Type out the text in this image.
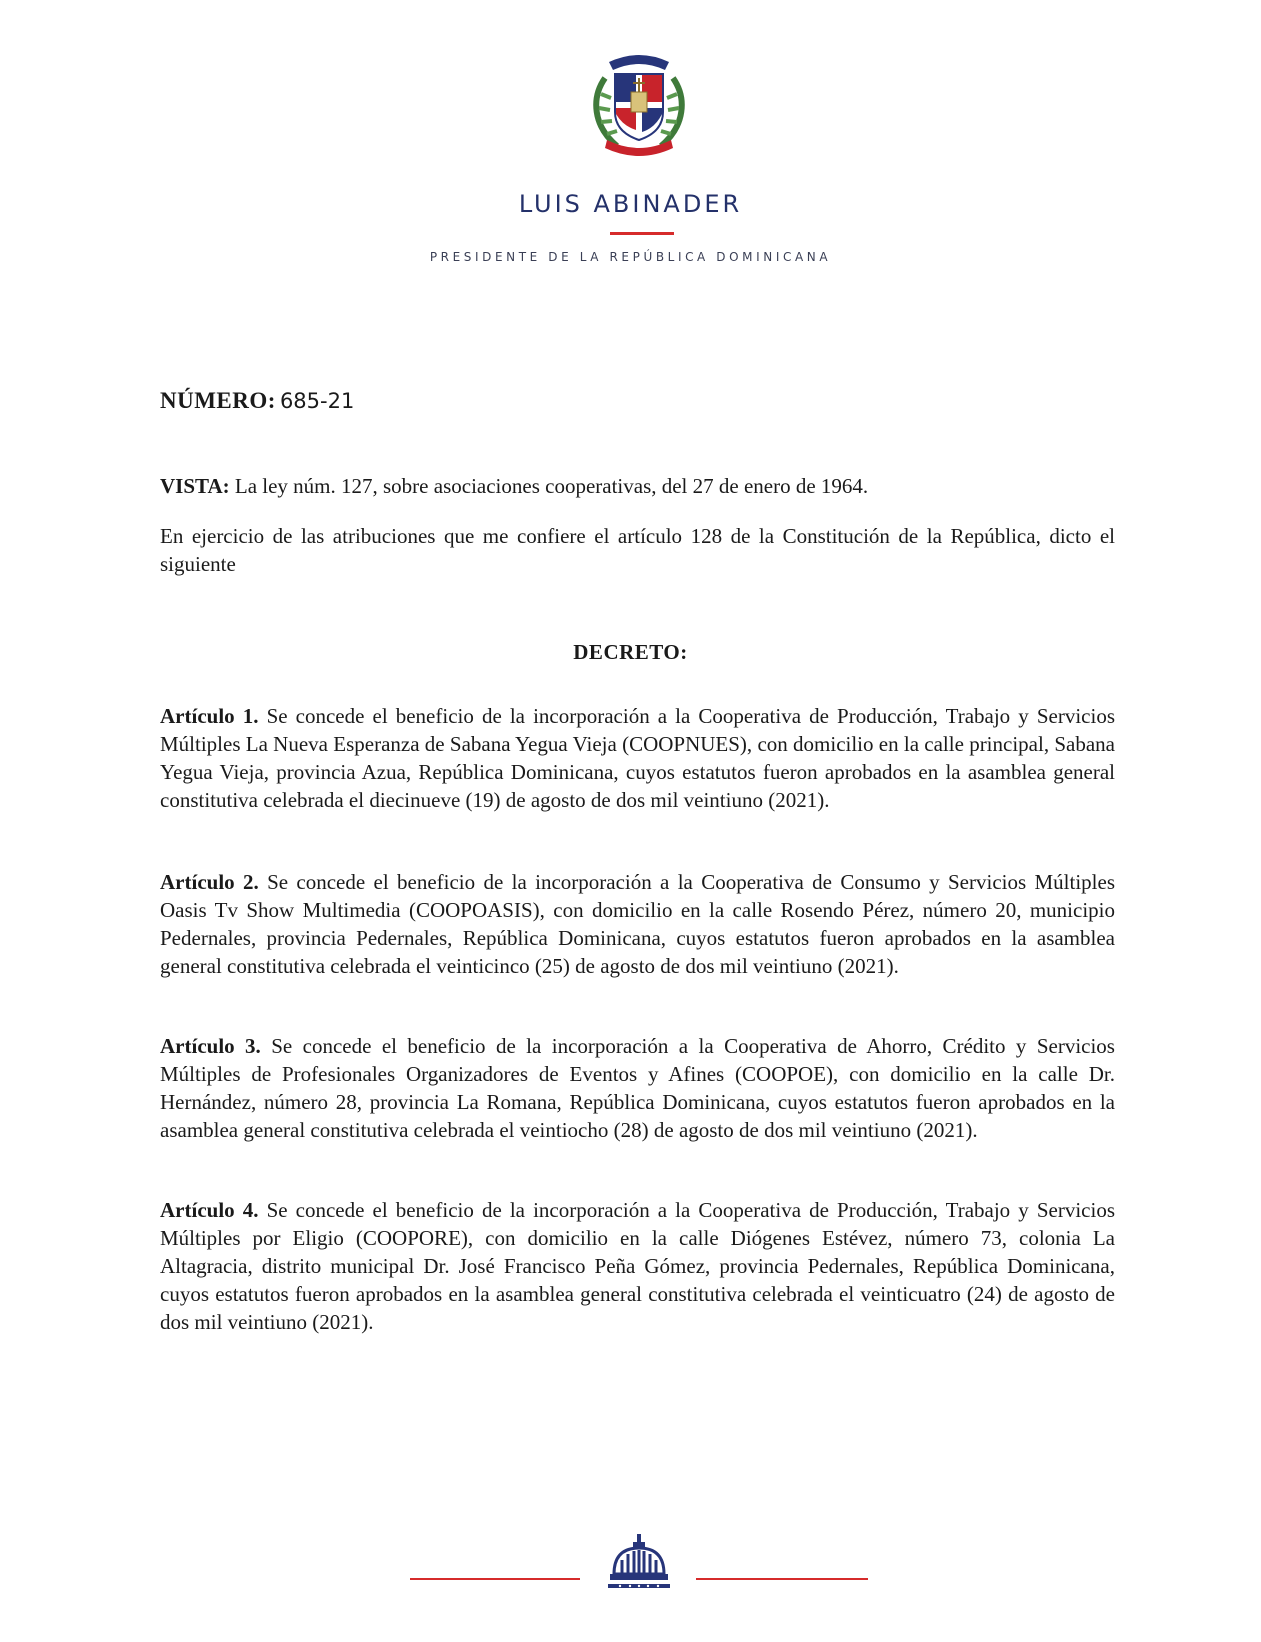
LUIS ABINADER
PRESIDENTE DE LA REPÚBLICA DOMINICANA
NÚMERO: 685-21
VISTA: La ley núm. 127, sobre asociaciones cooperativas, del 27 de enero de 1964.
En ejercicio de las atribuciones que me confiere el artículo 128 de la Constitución de la República, dicto el siguiente
DECRETO:
Artículo 1. Se concede el beneficio de la incorporación a la Cooperativa de Producción, Trabajo y Servicios Múltiples La Nueva Esperanza de Sabana Yegua Vieja (COOPNUES), con domicilio en la calle principal, Sabana Yegua Vieja, provincia Azua, República Dominicana, cuyos estatutos fueron aprobados en la asamblea general constitutiva celebrada el diecinueve (19) de agosto de dos mil veintiuno (2021).
Artículo 2. Se concede el beneficio de la incorporación a la Cooperativa de Consumo y Servicios Múltiples Oasis Tv Show Multimedia (COOPOASIS), con domicilio en la calle Rosendo Pérez, número 20, municipio Pedernales, provincia Pedernales, República Dominicana, cuyos estatutos fueron aprobados en la asamblea general constitutiva celebrada el veinticinco (25) de agosto de dos mil veintiuno (2021).
Artículo 3. Se concede el beneficio de la incorporación a la Cooperativa de Ahorro, Crédito y Servicios Múltiples de Profesionales Organizadores de Eventos y Afines (COOPOE), con domicilio en la calle Dr. Hernández, número 28, provincia La Romana, República Dominicana, cuyos estatutos fueron aprobados en la asamblea general constitutiva celebrada el veintiocho (28) de agosto de dos mil veintiuno (2021).
Artículo 4. Se concede el beneficio de la incorporación a la Cooperativa de Producción, Trabajo y Servicios Múltiples por Eligio (COOPORE), con domicilio en la calle Diógenes Estévez, número 73, colonia La Altagracia, distrito municipal Dr. José Francisco Peña Gómez, provincia Pedernales, República Dominicana, cuyos estatutos fueron aprobados en la asamblea general constitutiva celebrada el veinticuatro (24) de agosto de dos mil veintiuno (2021).
